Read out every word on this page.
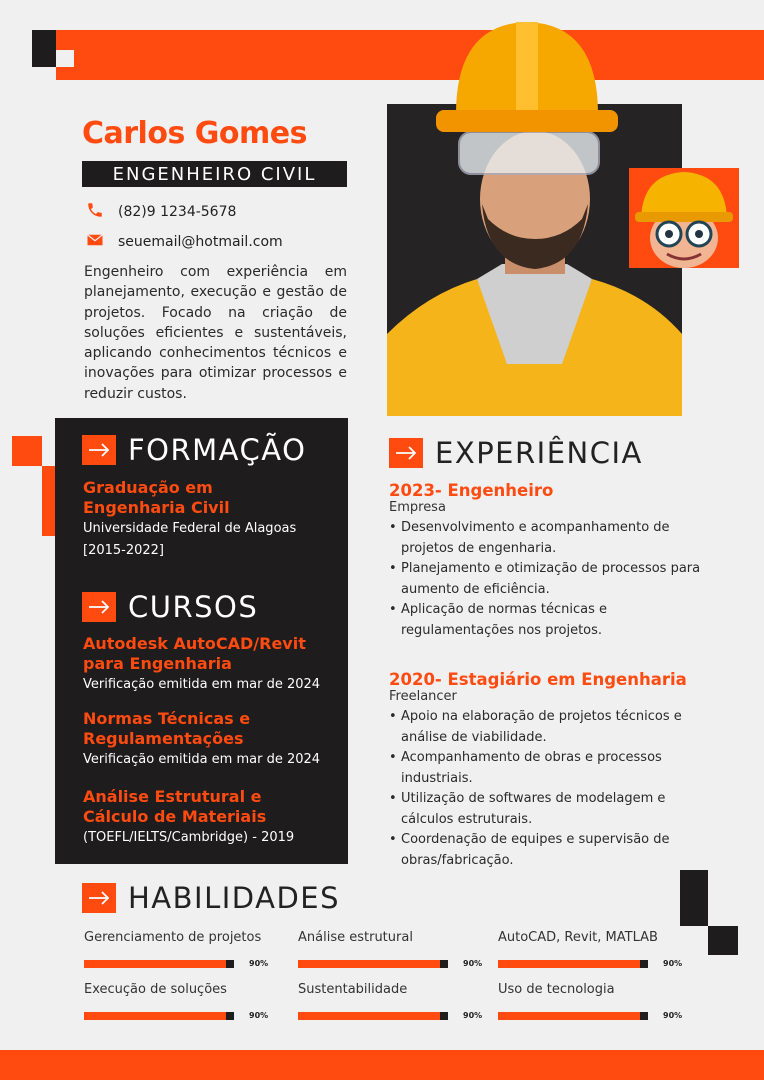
Carlos Gomes
ENGENHEIRO CIVIL
(82)9 1234-5678
seuemail@hotmail.com
Engenheiro com experiência em planejamento, execução e gestão de projetos. Focado na criação de soluções eficientes e sustentáveis, aplicando conhecimentos técnicos e inovações para otimizar processos e reduzir custos.
FORMAÇÃO
Graduação em
Engenharia Civil
Universidade Federal de Alagoas
[2015-2022]
CURSOS
Autodesk AutoCAD/Revit
para Engenharia
Verificação emitida em mar de 2024
Normas Técnicas e
Regulamentações
Verificação emitida em mar de 2024
Análise Estrutural e
Cálculo de Materiais
(TOEFL/IELTS/Cambridge) - 2019
EXPERIÊNCIA
2023- Engenheiro
Empresa
• Desenvolvimento e acompanhamento de projetos de engenharia.
• Planejamento e otimização de processos para aumento de eficiência.
• Aplicação de normas técnicas e regulamentações nos projetos.
2020- Estagiário em Engenharia
Freelancer
• Apoio na elaboração de projetos técnicos e análise de viabilidade.
• Acompanhamento de obras e processos industriais.
• Utilização de softwares de modelagem e cálculos estruturais.
• Coordenação de equipes e supervisão de obras/fabricação.
HABILIDADES
Gerenciamento de projetos
90%
Análise estrutural
90%
AutoCAD, Revit, MATLAB
90%
Execução de soluções
90%
Sustentabilidade
90%
Uso de tecnologia
90%
